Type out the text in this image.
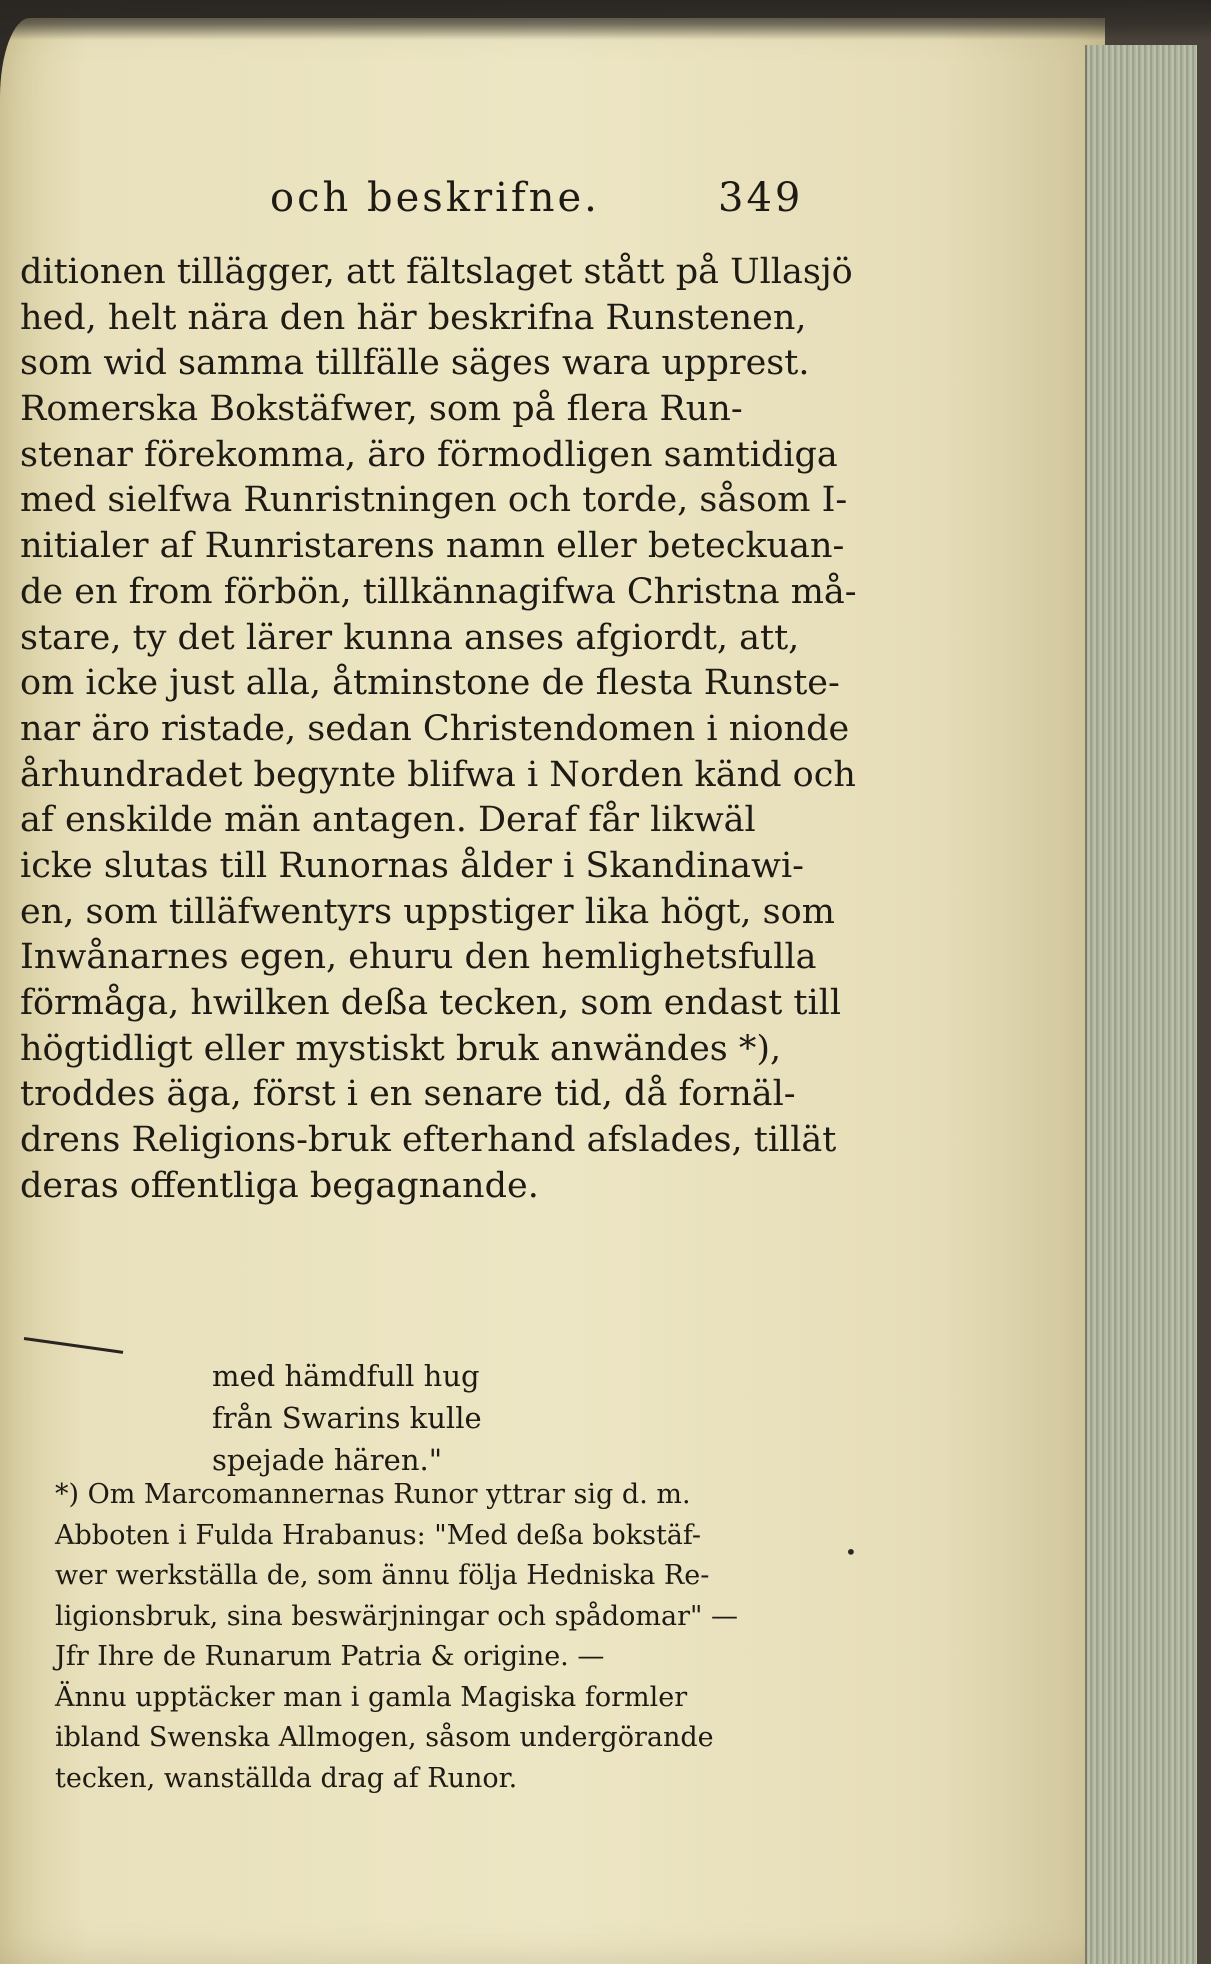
och beskrifne.	349
ditionen tillägger, att fältslaget stått på Ullasjö
hed, helt nära den här beskrifna Runstenen,
som wid samma tillfälle säges wara upprest.
Romerska Bokstäfwer, som på flera Run-
stenar förekomma, äro förmodligen samtidiga
med sielfwa Runristningen och torde, såsom I-
nitialer af Runristarens namn eller beteckuan-
de en from förbön, tillkännagifwa Christna må-
stare, ty det lärer kunna anses afgiordt, att,
om icke just alla, åtminstone de flesta Runste-
nar äro ristade, sedan Christendomen i nionde
århundradet begynte blifwa i Norden känd och
af enskilde män antagen. Deraf får likwäl
icke slutas till Runornas ålder i Skandinawi-
en, som tilläfwentyrs uppstiger lika högt, som
Inwånarnes egen, ehuru den hemlighetsfulla
förmåga, hwilken deßa tecken, som endast till
högtidligt eller mystiskt bruk anwändes *),
troddes äga, först i en senare tid, då fornäl-
drens Religions-bruk efterhand afslades, tillät
deras offentliga begagnande.
med hämdfull hug
från Swarins kulle
spejade hären."
*) Om Marcomannernas Runor yttrar sig d. m.
Abboten i Fulda Hrabanus: "Med deßa bokstäf-
wer werkställa de, som ännu följa Hedniska Re-
ligionsbruk, sina beswärjningar och spådomar" —
Jfr Ihre de Runarum Patria & origine. —
Ännu upptäcker man i gamla Magiska formler
ibland Swenska Allmogen, såsom undergörande
tecken, wanställda drag af Runor.
•
